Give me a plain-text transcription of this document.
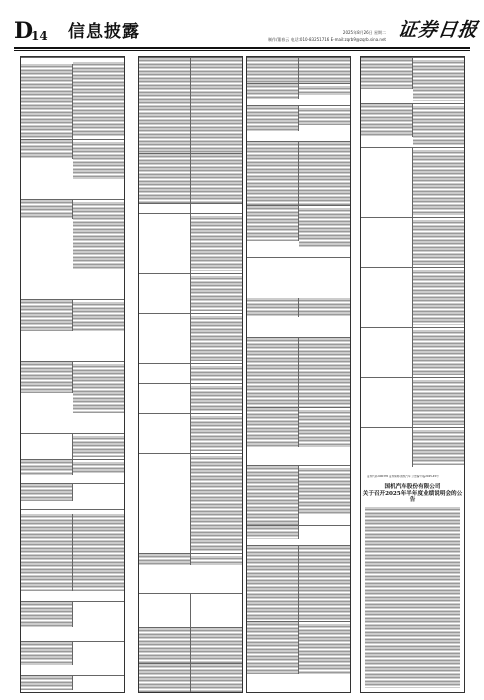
D
14 信息披露	2025年8月26日 星期二
制作/董春云 电话:010-83251716 E-mail:zqrb9@zqrb.sina.net 证券日报
证券代码:600335 证券简称:国机汽车 公告编号:临2025-45号
国机汽车股份有限公司
关于召开2025年半年度业绩说明会的公告
